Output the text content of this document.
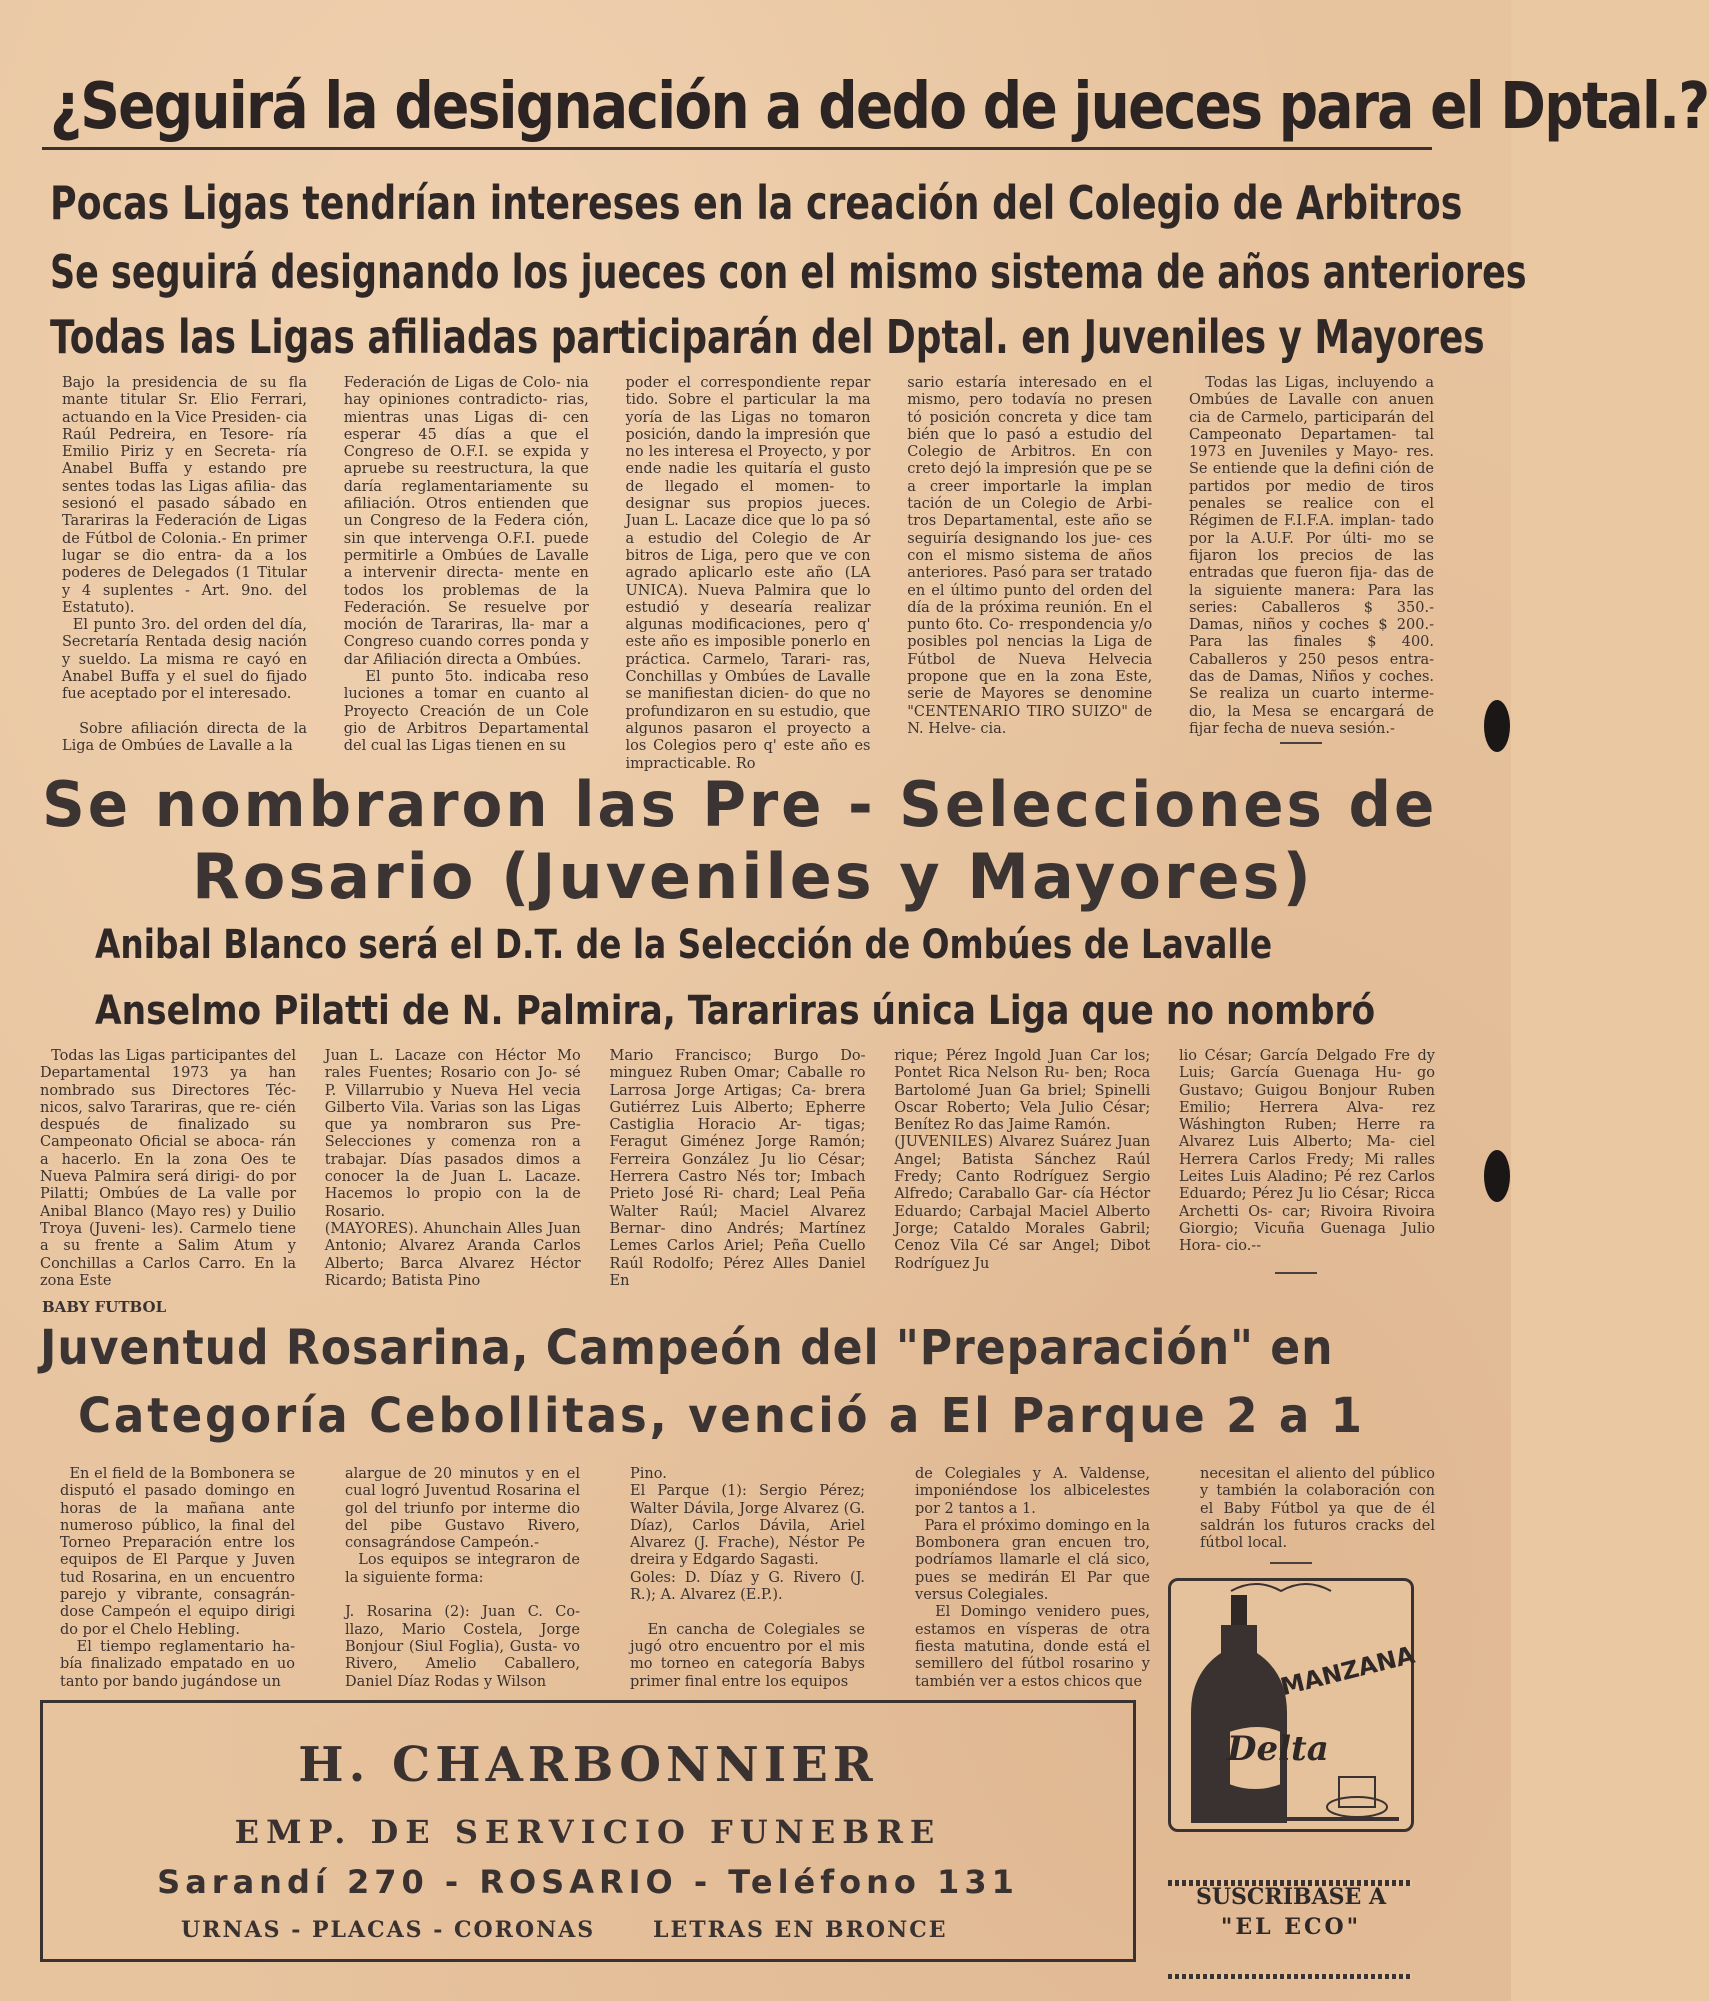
¿Seguirá la designación a dedo de jueces para el Dptal.?
Pocas Ligas tendrían intereses en la creación del Colegio de Arbitros
Se seguirá designando los jueces con el mismo sistema de años anteriores
Todas las Ligas afiliadas participarán del Dptal. en Juveniles y Mayores
Bajo la presidencia de su fla mante titular Sr. Elio Ferrari, actuando en la Vice Presiden- cia Raúl Pedreira, en Tesore- ría Emilio Piriz y en Secreta- ría Anabel Buffa y estando pre sentes todas las Ligas afilia- das sesionó el pasado sábado en Tarariras la Federación de Ligas de Fútbol de Colonia.- En primer lugar se dio entra- da a los poderes de Delegados (1 Titular y 4 suplentes - Art. 9no. del Estatuto).
El punto 3ro. del orden del día, Secretaría Rentada desig nación y sueldo. La misma re cayó en Anabel Buffa y el suel do fijado fue aceptado por el interesado.

Sobre afiliación directa de la Liga de Ombúes de Lavalle a la
Federación de Ligas de Colo- nia hay opiniones contradicto- rias, mientras unas Ligas di- cen esperar 45 días a que el Congreso de O.F.I. se expida y apruebe su reestructura, la que daría reglamentariamente su afiliación. Otros entienden que un Congreso de la Federa ción, sin que intervenga O.F.I. puede permitirle a Ombúes de Lavalle a intervenir directa- mente en todos los problemas de la Federación. Se resuelve por moción de Tarariras, lla- mar a Congreso cuando corres ponda y dar Afiliación directa a Ombúes.
El punto 5to. indicaba reso luciones a tomar en cuanto al Proyecto Creación de un Cole gio de Arbitros Departamental del cual las Ligas tienen en su
poder el correspondiente repar tido. Sobre el particular la ma yoría de las Ligas no tomaron posición, dando la impresión que no les interesa el Proyecto, y por ende nadie les quitaría el gusto de llegado el momen- to designar sus propios jueces. Juan L. Lacaze dice que lo pa só a estudio del Colegio de Ar bitros de Liga, pero que ve con agrado aplicarlo este año (LA UNICA). Nueva Palmira que lo estudió y desearía realizar algunas modificaciones, pero q' este año es imposible ponerlo en práctica. Carmelo, Tarari- ras, Conchillas y Ombúes de Lavalle se manifiestan dicien- do que no profundizaron en su estudio, que algunos pasaron el proyecto a los Colegios pero q' este año es impracticable. Ro
sario estaría interesado en el mismo, pero todavía no presen tó posición concreta y dice tam bién que lo pasó a estudio del Colegio de Arbitros. En con creto dejó la impresión que pe se a creer importarle la implan tación de un Colegio de Arbi- tros Departamental, este año se seguiría designando los jue- ces con el mismo sistema de años anteriores. Pasó para ser tratado en el último punto del orden del día de la próxima reunión. En el punto 6to. Co- rrespondencia y/o posibles pol nencias la Liga de Fútbol de Nueva Helvecia propone que en la zona Este, serie de Mayores se denomine "CENTENARIO TIRO SUIZO" de N. Helve- cia.
Todas las Ligas, incluyendo a Ombúes de Lavalle con anuen cia de Carmelo, participarán del Campeonato Departamen- tal 1973 en Juveniles y Mayo- res. Se entiende que la defini ción de partidos por medio de tiros penales se realice con el Régimen de F.I.F.A. implan- tado por la A.U.F. Por últi- mo se fijaron los precios de las entradas que fueron fija- das de la siguiente manera: Para las series: Caballeros $ 350.- Damas, niños y coches $ 200.- Para las finales $ 400. Caballeros y 250 pesos entra- das de Damas, Niños y coches. Se realiza un cuarto interme- dio, la Mesa se encargará de fijar fecha de nueva sesión.-
Se nombraron las Pre - Selecciones de
Rosario (Juveniles y Mayores)
Anibal Blanco será el D.T. de la Selección de Ombúes de Lavalle
Anselmo Pilatti de N. Palmira, Tarariras única Liga que no nombró
Todas las Ligas participantes del Departamental 1973 ya han nombrado sus Directores Téc- nicos, salvo Tarariras, que re- cién después de finalizado su Campeonato Oficial se aboca- rán a hacerlo. En la zona Oes te Nueva Palmira será dirigi- do por Pilatti; Ombúes de La valle por Anibal Blanco (Mayo res) y Duilio Troya (Juveni- les). Carmelo tiene a su frente a Salim Atum y Conchillas a Carlos Carro. En la zona Este
Juan L. Lacaze con Héctor Mo rales Fuentes; Rosario con Jo- sé P. Villarrubio y Nueva Hel vecia Gilberto Vila. Varias son las Ligas que ya nombraron sus Pre-Selecciones y comenza ron a trabajar. Días pasados dimos a conocer la de Juan L. Lacaze. Hacemos lo propio con la de Rosario.
(MAYORES). Ahunchain Alles Juan Antonio; Alvarez Aranda Carlos Alberto; Barca Alvarez Héctor Ricardo; Batista Pino
Mario Francisco; Burgo Do- minguez Ruben Omar; Caballe ro Larrosa Jorge Artigas; Ca- brera Gutiérrez Luis Alberto; Epherre Castiglia Horacio Ar- tigas; Feragut Giménez Jorge Ramón; Ferreira González Ju lio César; Herrera Castro Nés tor; Imbach Prieto José Ri- chard; Leal Peña Walter Raúl; Maciel Alvarez Bernar- dino Andrés; Martínez Lemes Carlos Ariel; Peña Cuello Raúl Rodolfo; Pérez Alles Daniel En
rique; Pérez Ingold Juan Car los; Pontet Rica Nelson Ru- ben; Roca Bartolomé Juan Ga briel; Spinelli Oscar Roberto; Vela Julio César; Benítez Ro das Jaime Ramón.
(JUVENILES) Alvarez Suárez Juan Angel; Batista Sánchez Raúl Fredy; Canto Rodríguez Sergio Alfredo; Caraballo Gar- cía Héctor Eduardo; Carbajal Maciel Alberto Jorge; Cataldo Morales Gabril; Cenoz Vila Cé sar Angel; Dibot Rodríguez Ju
lio César; García Delgado Fre dy Luis; García Guenaga Hu- go Gustavo; Guigou Bonjour Ruben Emilio; Herrera Alva- rez Wáshington Ruben; Herre ra Alvarez Luis Alberto; Ma- ciel Herrera Carlos Fredy; Mi ralles Leites Luis Aladino; Pé rez Carlos Eduardo; Pérez Ju lio César; Ricca Archetti Os- car; Rivoira Rivoira Giorgio; Vicuña Guenaga Julio Hora- cio.--
BABY FUTBOL
Juventud Rosarina, Campeón del "Preparación" en
Categoría Cebollitas, venció a El Parque 2 a 1
En el field de la Bombonera se disputó el pasado domingo en horas de la mañana ante numeroso público, la final del Torneo Preparación entre los equipos de El Parque y Juven tud Rosarina, en un encuentro parejo y vibrante, consagrán- dose Campeón el equipo dirigi do por el Chelo Hebling.
El tiempo reglamentario ha- bía finalizado empatado en uo tanto por bando jugándose un
alargue de 20 minutos y en el cual logró Juventud Rosarina el gol del triunfo por interme dio del pibe Gustavo Rivero, consagrándose Campeón.-
Los equipos se integraron de la siguiente forma:

J. Rosarina (2): Juan C. Co- llazo, Mario Costela, Jorge Bonjour (Siul Foglia), Gusta- vo Rivero, Amelio Caballero, Daniel Díaz Rodas y Wilson
Pino.
El Parque (1): Sergio Pérez; Walter Dávila, Jorge Alvarez (G. Díaz), Carlos Dávila, Ariel Alvarez (J. Frache), Néstor Pe dreira y Edgardo Sagasti.
Goles: D. Díaz y G. Rivero (J. R.); A. Alvarez (E.P.).

En cancha de Colegiales se jugó otro encuentro por el mis mo torneo en categoría Babys primer final entre los equipos
de Colegiales y A. Valdense, imponiéndose los albicelestes por 2 tantos a 1.
Para el próximo domingo en la Bombonera gran encuen tro, podríamos llamarle el clá sico, pues se medirán El Par que versus Colegiales.
El Domingo venidero pues, estamos en vísperas de otra fiesta matutina, donde está el semillero del fútbol rosarino y también ver a estos chicos que
necesitan el aliento del público y también la colaboración con el Baby Fútbol ya que de él saldrán los futuros cracks del fútbol local.
H. CHARBONNIER
EMP. DE SERVICIO FUNEBRE
Sarandí 270 - ROSARIO - Teléfono 131
URNAS - PLACAS - CORONAS	LETRAS EN BRONCE
MANZANA
Delta
SUSCRIBASE A
"EL ECO"
